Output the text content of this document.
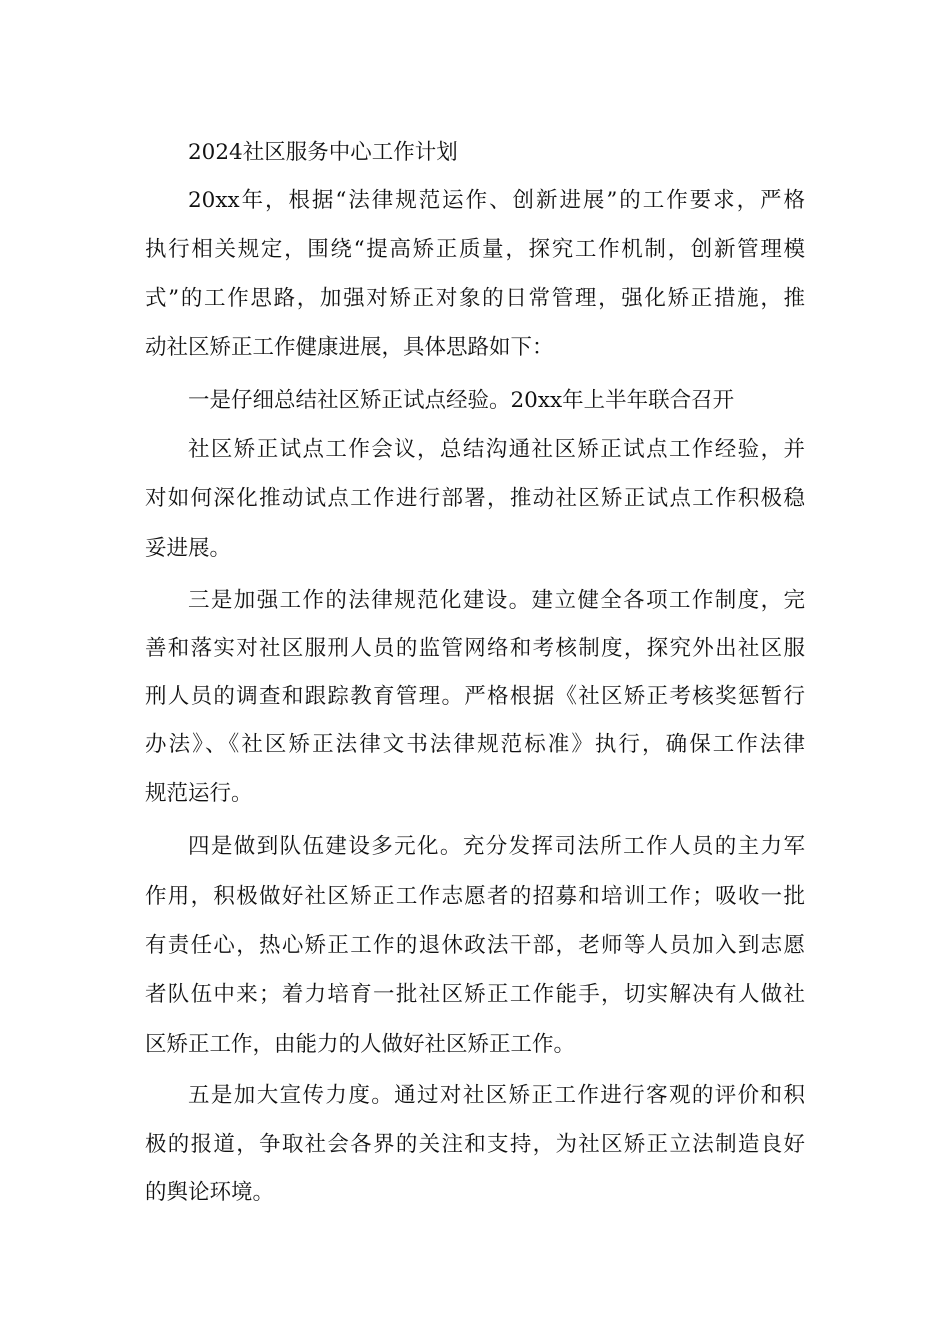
2024社区服务中心工作计划
20xx年，根据“法律规范运作、创新进展”的工作要求，严格
执行相关规定，围绕“提高矫正质量，探究工作机制，创新管理模
式”的工作思路，加强对矫正对象的日常管理，强化矫正措施，推
动社区矫正工作健康进展，具体思路如下：
一是仔细总结社区矫正试点经验。20xx年上半年联合召开
社区矫正试点工作会议，总结沟通社区矫正试点工作经验，并
对如何深化推动试点工作进行部署，推动社区矫正试点工作积极稳
妥进展。
三是加强工作的法律规范化建设。建立健全各项工作制度，完
善和落实对社区服刑人员的监管网络和考核制度，探究外出社区服
刑人员的调查和跟踪教育管理。严格根据《社区矫正考核奖惩暂行
办法》、《社区矫正法律文书法律规范标准》执行，确保工作法律
规范运行。
四是做到队伍建设多元化。充分发挥司法所工作人员的主力军
作用，积极做好社区矫正工作志愿者的招募和培训工作；吸收一批
有责任心，热心矫正工作的退休政法干部，老师等人员加入到志愿
者队伍中来；着力培育一批社区矫正工作能手，切实解决有人做社
区矫正工作，由能力的人做好社区矫正工作。
五是加大宣传力度。通过对社区矫正工作进行客观的评价和积
极的报道，争取社会各界的关注和支持，为社区矫正立法制造良好
的舆论环境。
